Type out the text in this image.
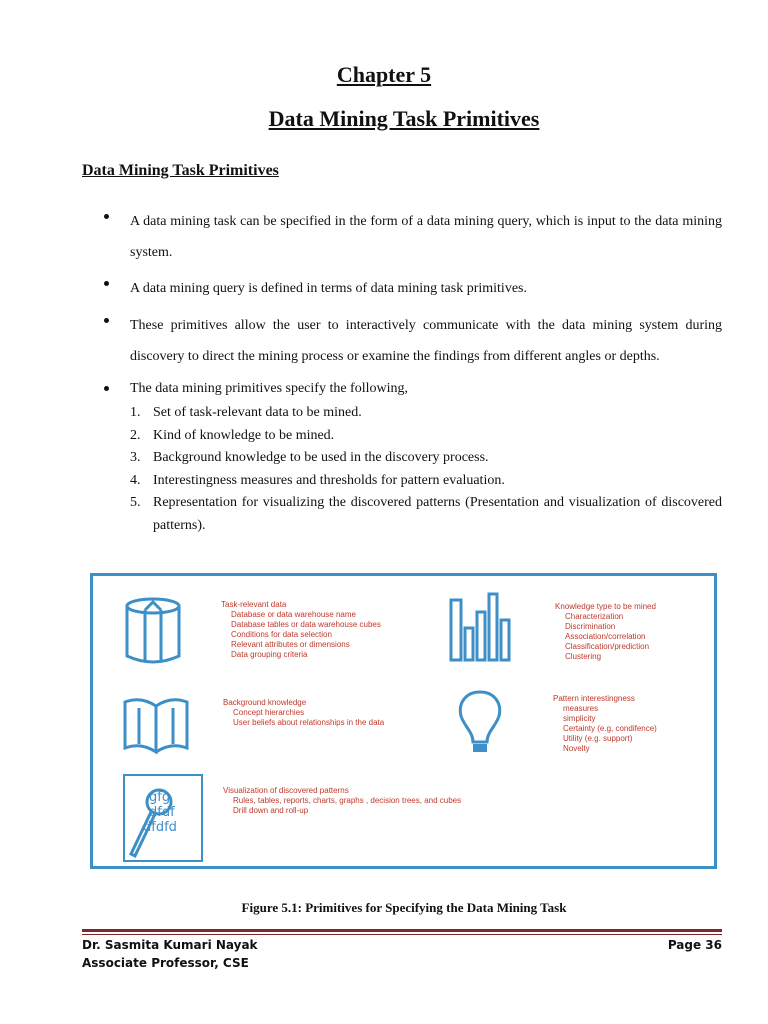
Chapter 5
Data Mining Task Primitives
Data Mining Task Primitives
A data mining task can be specified in the form of a data mining query, which is input to the data mining system.
A data mining query is defined in terms of data mining task primitives.
These primitives allow the user to interactively communicate with the data mining system during discovery to direct the mining process or examine the findings from different angles or depths.
The data mining primitives specify the following,
1. Set of task-relevant data to be mined.
2. Kind of knowledge to be mined.
3. Background knowledge to be used in the discovery process.
4. Interestingness measures and thresholds for pattern evaluation.
5. Representation for visualizing the discovered patterns (Presentation and visualization of discovered patterns).
Task-relevant data
Database or data warehouse name
Database tables or data warehouse cubes
Conditions for data selection
Relevant attributes or dimensions
Data grouping criteria
Knowledge type to be mined
Characterization
Discrimination
Association/correlation
Classification/prediction
Clustering
Background knowledge
Concept hierarchies
User beliefs about relationships in the data
Pattern interestingness
measures
simplicity
Certainty (e.g, condifence)
Utility (e.g. support)
Novelty
gfg
dfdf
dfdfd
Visualization of discovered patterns
Rules, tables, reports, charts, graphs , decision trees, and cubes
Drill down and roll-up
Figure 5.1: Primitives for Specifying the Data Mining Task
Dr. Sasmita Kumari Nayak
Associate Professor, CSE
Page 36
